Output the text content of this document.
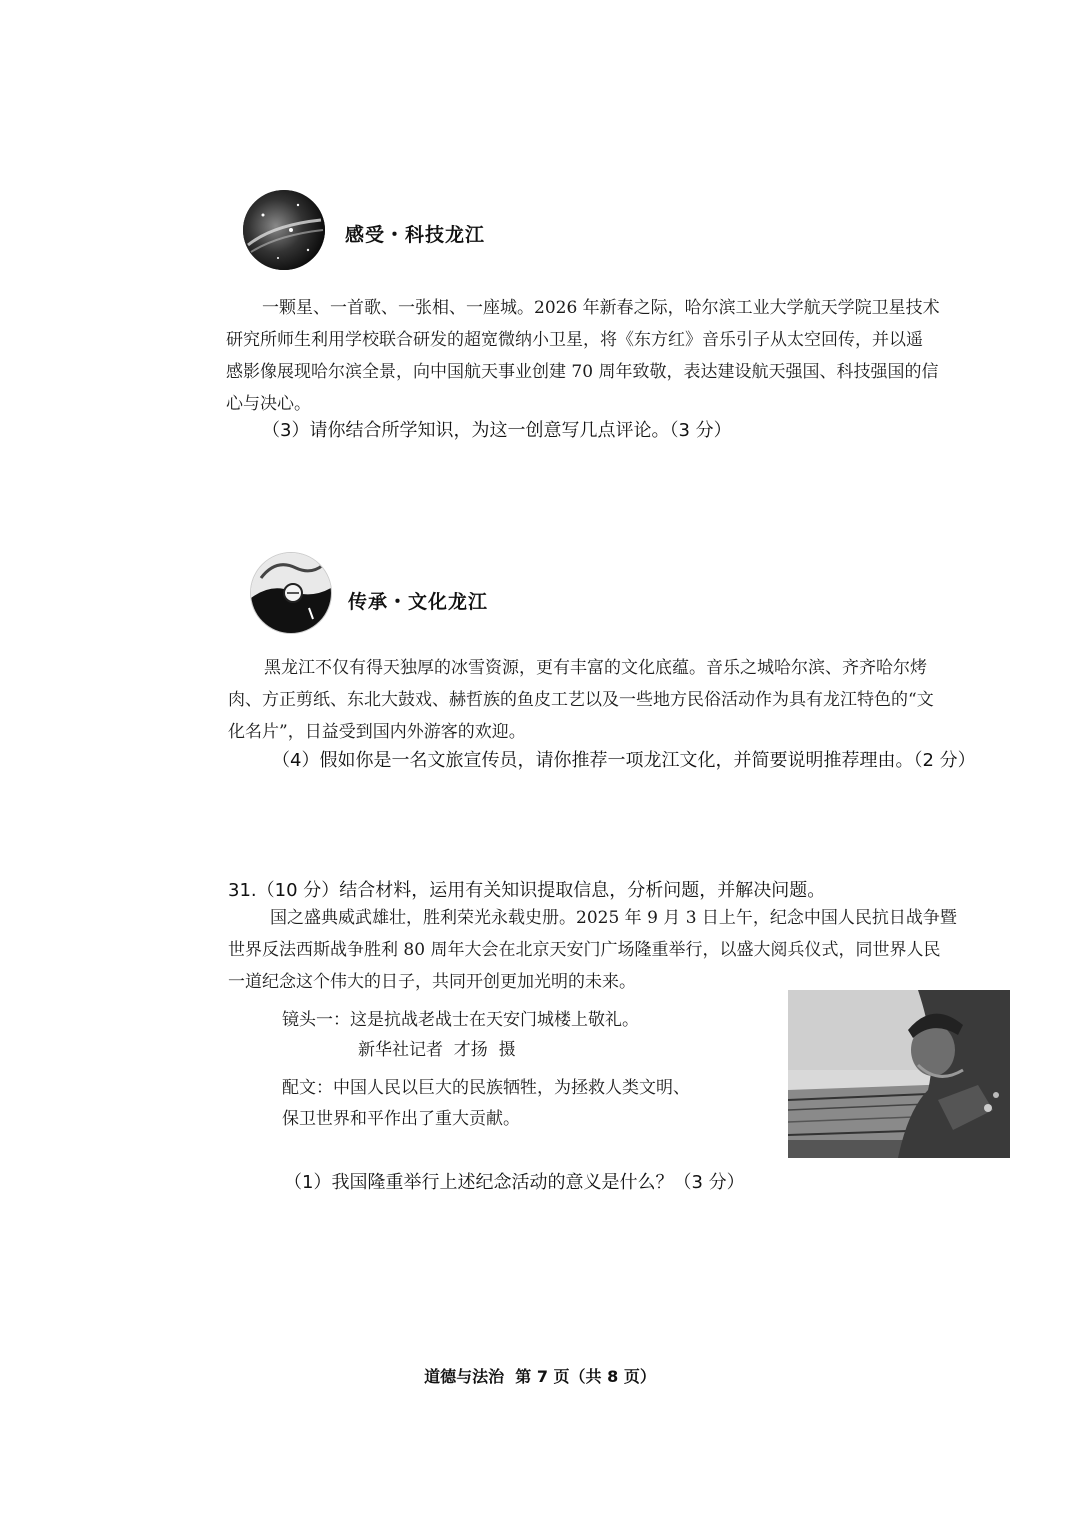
感受・科技龙江
一颗星、一首歌、一张相、一座城。2026 年新春之际，哈尔滨工业大学航天学院卫星技术
研究所师生利用学校联合研发的超宽微纳小卫星，将《东方红》音乐引子从太空回传，并以遥
感影像展现哈尔滨全景，向中国航天事业创建 70 周年致敬，表达建设航天强国、科技强国的信
心与决心。
（3）请你结合所学知识，为这一创意写几点评论。（3 分）
传承・文化龙江
黑龙江不仅有得天独厚的冰雪资源，更有丰富的文化底蕴。音乐之城哈尔滨、齐齐哈尔烤
肉、方正剪纸、东北大鼓戏、赫哲族的鱼皮工艺以及一些地方民俗活动作为具有龙江特色的“文
化名片”，日益受到国内外游客的欢迎。
（4）假如你是一名文旅宣传员，请你推荐一项龙江文化，并简要说明推荐理由。（2 分）
31.（10 分）结合材料，运用有关知识提取信息，分析问题，并解决问题。
国之盛典威武雄壮，胜利荣光永载史册。2025 年 9 月 3 日上午，纪念中国人民抗日战争暨
世界反法西斯战争胜利 80 周年大会在北京天安门广场隆重举行，以盛大阅兵仪式，同世界人民
一道纪念这个伟大的日子，共同开创更加光明的未来。
镜头一：这是抗战老战士在天安门城楼上敬礼。
新华社记者  才扬  摄
配文：中国人民以巨大的民族牺牲，为拯救人类文明、
保卫世界和平作出了重大贡献。
（1）我国隆重举行上述纪念活动的意义是什么？（3 分）
道德与法治  第 7 页（共 8 页）
